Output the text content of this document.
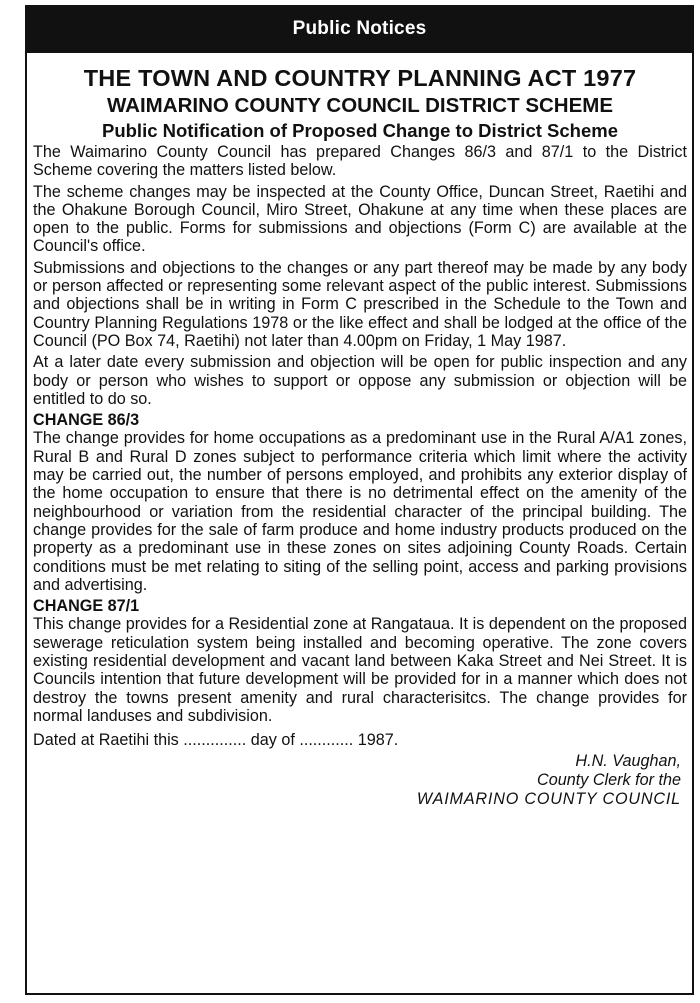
Public Notices
THE TOWN AND COUNTRY PLANNING ACT 1977
WAIMARINO COUNTY COUNCIL DISTRICT SCHEME
Public Notification of Proposed Change to District Scheme

The Waimarino County Council has prepared Changes 86/3 and 87/1 to the District Scheme covering the matters listed below.

The scheme changes may be inspected at the County Office, Duncan Street, Raetihi and the Ohakune Borough Council, Miro Street, Ohakune at any time when these places are open to the public. Forms for submissions and objections (Form C) are available at the Council's office.

Submissions and objections to the changes or any part thereof may be made by any body or person affected or representing some relevant aspect of the public interest. Submissions and objections shall be in writing in Form C prescribed in the Schedule to the Town and Country Planning Regulations 1978 or the like effect and shall be lodged at the office of the Council (PO Box 74, Raetihi) not later than 4.00pm on Friday, 1 May 1987.

At a later date every submission and objection will be open for public inspection and any body or person who wishes to support or oppose any submission or objection will be entitled to do so.

CHANGE 86/3

The change provides for home occupations as a predominant use in the Rural A/A1 zones, Rural B and Rural D zones subject to performance criteria which limit where the activity may be carried out, the number of persons employed, and prohibits any exterior display of the home occupation to ensure that there is no detrimental effect on the amenity of the neighbourhood or variation from the residential character of the principal building. The change provides for the sale of farm produce and home industry products produced on the property as a predominant use in these zones on sites adjoining County Roads. Certain conditions must be met relating to siting of the selling point, access and parking provisions and advertising.

CHANGE 87/1

This change provides for a Residential zone at Rangataua. It is dependent on the proposed sewerage reticulation system being installed and becoming operative. The zone covers existing residential development and vacant land between Kaka Street and Nei Street. It is Councils intention that future development will be provided for in a manner which does not destroy the towns present amenity and rural characterisitcs. The change provides for normal landuses and subdivision.

Dated at Raetihi this .............. day of ............ 1987.
H.N. Vaughan,
County Clerk for the
WAIMARINO COUNTY COUNCIL
